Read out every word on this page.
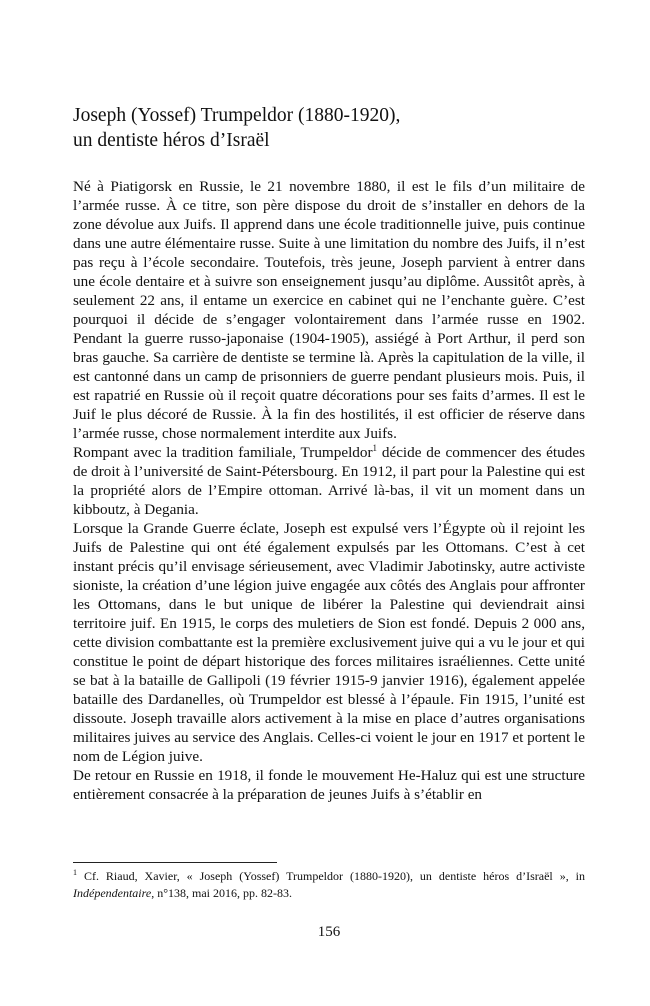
Joseph (Yossef) Trumpeldor (1880-1920),
un dentiste héros d’Israël

Né à Piatigorsk en Russie, le 21 novembre 1880, il est le fils d’un militaire de l’armée russe. À ce titre, son père dispose du droit de s’installer en dehors de la zone dévolue aux Juifs. Il apprend dans une école traditionnelle juive, puis continue dans une autre élémentaire russe. Suite à une limitation du nombre des Juifs, il n’est pas reçu à l’école secondaire. Toutefois, très jeune, Joseph parvient à entrer dans une école dentaire et à suivre son enseignement jusqu’au diplôme. Aussitôt après, à seulement 22 ans, il entame un exercice en cabinet qui ne l’enchante guère. C’est pourquoi il décide de s’engager volontairement dans l’armée russe en 1902. Pendant la guerre russo-japonaise (1904-1905), assiégé à Port Arthur, il perd son bras gauche. Sa carrière de dentiste se termine là. Après la capitulation de la ville, il est cantonné dans un camp de prisonniers de guerre pendant plusieurs mois. Puis, il est rapatrié en Russie où il reçoit quatre décorations pour ses faits d’armes. Il est le Juif le plus décoré de Russie. À la fin des hostilités, il est officier de réserve dans l’armée russe, chose normalement interdite aux Juifs.

Rompant avec la tradition familiale, Trumpeldor$^1$ décide de commencer des études de droit à l’université de Saint-Pétersbourg. En 1912, il part pour la Palestine qui est la propriété alors de l’Empire ottoman. Arrivé là-bas, il vit un moment dans un kibboutz, à Degania.

Lorsque la Grande Guerre éclate, Joseph est expulsé vers l’Égypte où il rejoint les Juifs de Palestine qui ont été également expulsés par les Ottomans. C’est à cet instant précis qu’il envisage sérieusement, avec Vladimir Jabotinsky, autre activiste sioniste, la création d’une légion juive engagée aux côtés des Anglais pour affronter les Ottomans, dans le but unique de libérer la Palestine qui deviendrait ainsi territoire juif. En 1915, le corps des muletiers de Sion est fondé. Depuis 2 000 ans, cette division combattante est la première exclusivement juive qui a vu le jour et qui constitue le point de départ historique des forces militaires israéliennes. Cette unité se bat à la bataille de Gallipoli (19 février 1915-9 janvier 1916), également appelée bataille des Dardanelles, où Trumpeldor est blessé à l’épaule. Fin 1915, l’unité est dissoute. Joseph travaille alors activement à la mise en place d’autres organisations militaires juives au service des Anglais. Celles-ci voient le jour en 1917 et portent le nom de Légion juive.

De retour en Russie en 1918, il fonde le mouvement He-Haluz qui est une structure entièrement consacrée à la préparation de jeunes Juifs à s’établir en

$^1$ Cf. Riaud, Xavier, « Joseph (Yossef) Trumpeldor (1880-1920), un dentiste héros d’Israël », in Indépendentaire, n°138, mai 2016, pp. 82-83.
156
